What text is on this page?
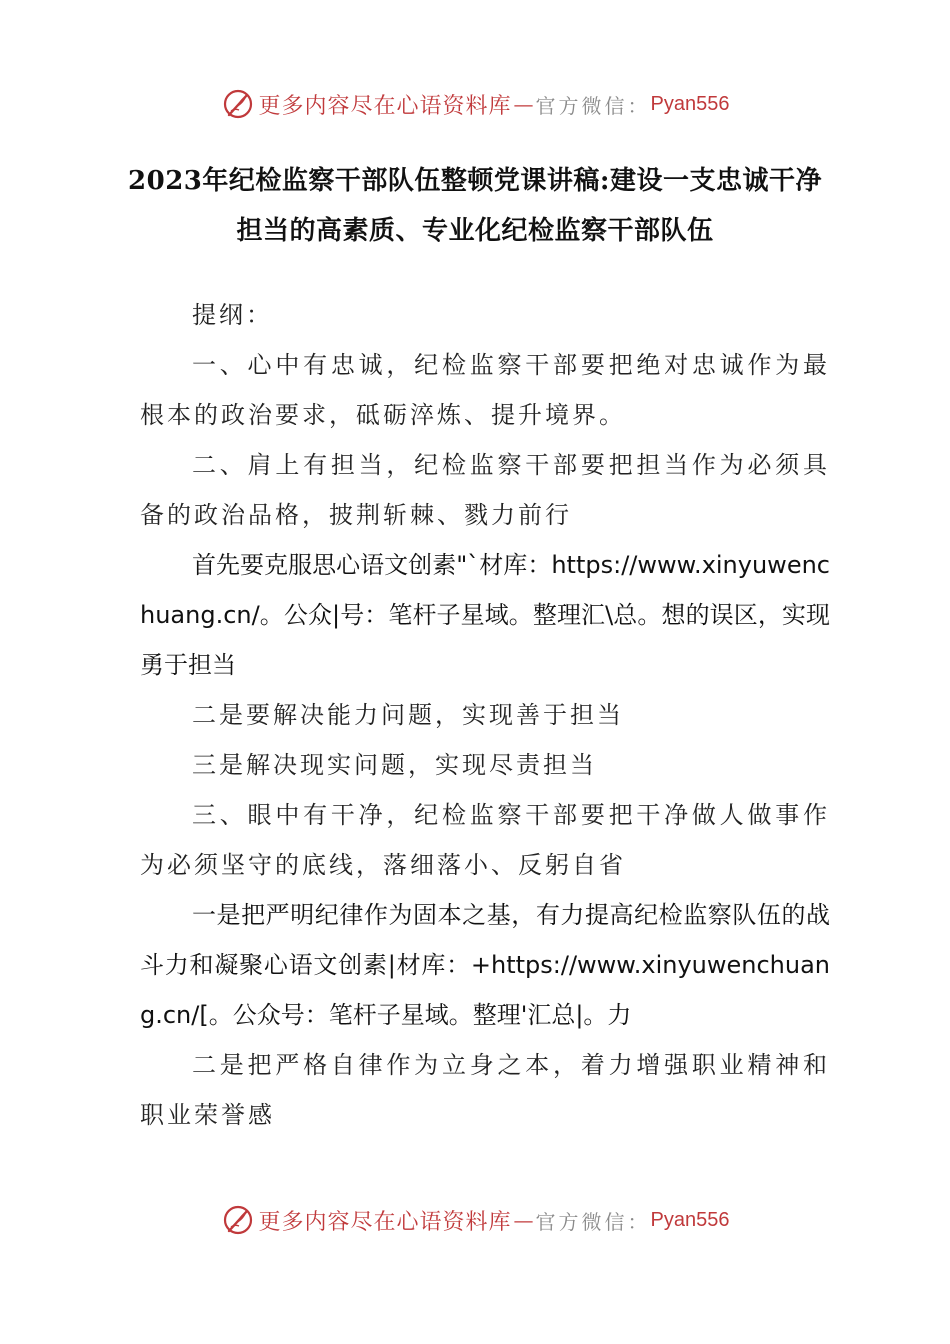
更多内容尽在心语资料库 — 官方微信： Pyan556
2023年纪检监察干部队伍整顿党课讲稿:建设一支忠诚干净
担当的高素质、专业化纪检监察干部队伍

提纲：

一、心中有忠诚，纪检监察干部要把绝对忠诚作为最根本的政治要求，砥砺淬炼、提升境界。

二、肩上有担当，纪检监察干部要把担当作为必须具备的政治品格，披荆斩棘、戮力前行

首先要克服思心语文创素"`材库：https://www.xinyuwenchuang.cn/。公众|号：笔杆子星域。整理汇\总。想的误区，实现勇于担当

二是要解决能力问题，实现善于担当

三是解决现实问题，实现尽责担当

三、眼中有干净，纪检监察干部要把干净做人做事作为必须坚守的底线，落细落小、反躬自省

一是把严明纪律作为固本之基，有力提高纪检监察队伍的战斗力和凝聚心语文创素|材库：+https://www.xinyuwenchuang.cn/[。公众号：笔杆子星域。整理'汇总|。力

二是把严格自律作为立身之本，着力增强职业精神和职业荣誉感

更多内容尽在心语资料库 — 官方微信： Pyan556
